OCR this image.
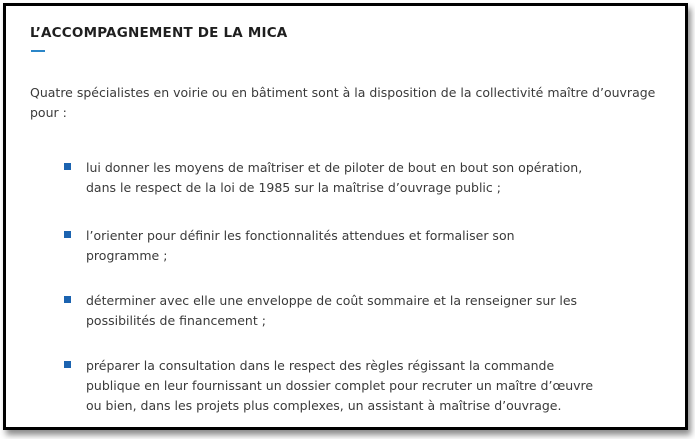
L’ACCOMPAGNEMENT DE LA MICA

Quatre spécialistes en voirie ou en bâtiment sont à la disposition de la collectivité maître d’ouvrage
pour :

lui donner les moyens de maîtriser et de piloter de bout en bout son opération,
dans le respect de la loi de 1985 sur la maîtrise d’ouvrage public ;

l’orienter pour définir les fonctionnalités attendues et formaliser son
programme ;

déterminer avec elle une enveloppe de coût sommaire et la renseigner sur les
possibilités de financement ;

préparer la consultation dans le respect des règles régissant la commande
publique en leur fournissant un dossier complet pour recruter un maître d’œuvre
ou bien, dans les projets plus complexes, un assistant à maîtrise d’ouvrage.
